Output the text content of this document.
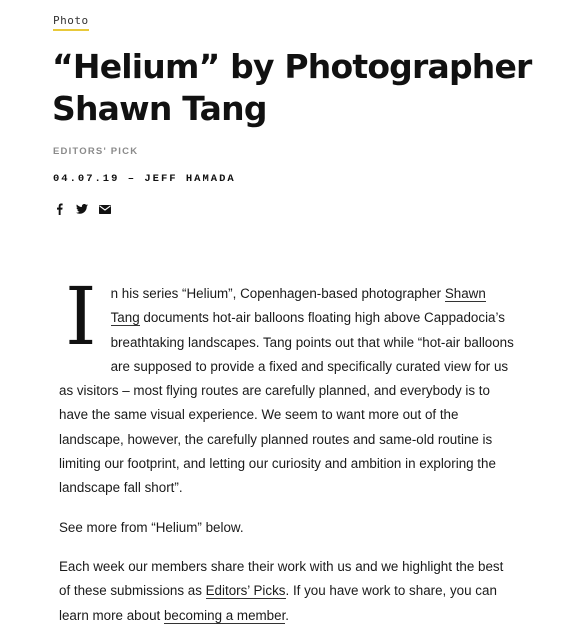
Photo
“Helium” by Photographer Shawn Tang
EDITORS' PICK
04.07.19 – JEFF HAMADA

I n his series “Helium”, Copenhagen-based photographer Shawn Tang documents hot-air balloons floating high above Cappadocia’s breathtaking landscapes. Tang points out that while “hot-air balloons are supposed to provide a fixed and specifically curated view for us as visitors – most flying routes are carefully planned, and everybody is to have the same visual experience. We seem to want more out of the landscape, however, the carefully planned routes and same-old routine is limiting our footprint, and letting our curiosity and ambition in exploring the landscape fall short”.

See more from “Helium” below.

Each week our members share their work with us and we highlight the best of these submissions as Editors’ Picks. If you have work to share, you can learn more about becoming a member.
